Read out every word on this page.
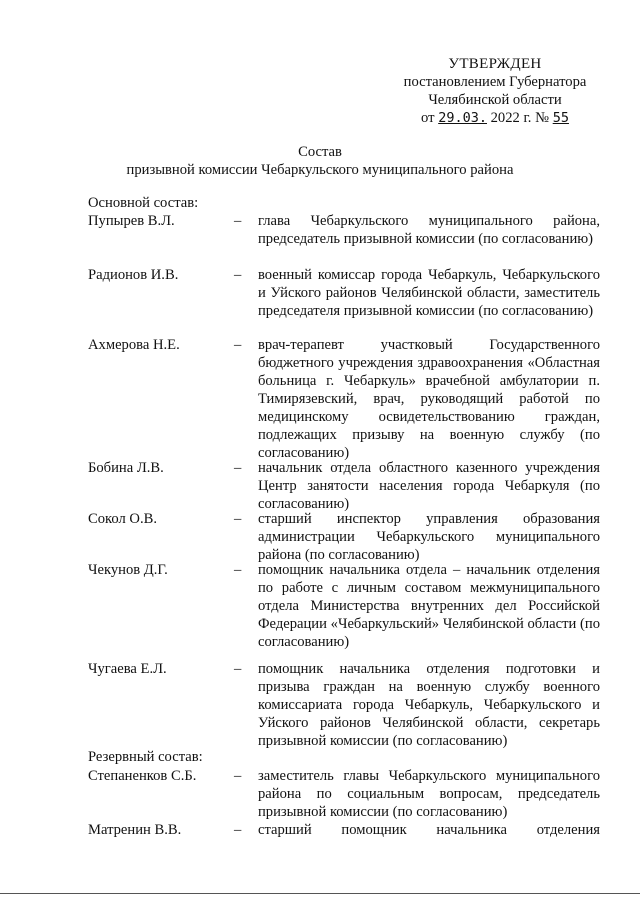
УТВЕРЖДЕН
постановлением Губернатора
Челябинской области
от 29.03. 2022 г. № 55
Состав
призывной комиссии Чебаркульского муниципального района
Основной состав:
Пупырев В.Л.	– глава Чебаркульского муниципального района, председатель призывной комиссии (по согласованию)
Радионов И.В.	– военный комиссар города Чебаркуль, Чебаркульского и Уйского районов Челябинской области, заместитель председателя призывной комиссии (по согласованию)
Ахмерова Н.Е.	– врач-терапевт участковый Государственного бюджетного учреждения здравоохранения «Областная больница г. Чебаркуль» врачебной амбулатории п. Тимирязевский, врач, руководящий работой по медицинскому освидетельствованию граждан, подлежащих призыву на военную службу (по согласованию)
Бобина Л.В.	– начальник отдела областного казенного учреждения Центр занятости населения города Чебаркуля (по согласованию)
Сокол О.В.	– старший инспектор управления образования администрации Чебаркульского муниципального района (по согласованию)
Чекунов Д.Г.	– помощник начальника отдела – начальник отделения по работе с личным составом межмуниципального отдела Министерства внутренних дел Российской Федерации «Чебаркульский» Челябинской области (по согласованию)
Чугаева Е.Л.	– помощник начальника отделения подготовки и призыва граждан на военную службу военного комиссариата города Чебаркуль, Чебаркульского и Уйского районов Челябинской области, секретарь призывной комиссии (по согласованию)
Резервный состав:
Степаненков С.Б.	– заместитель главы Чебаркульского муниципального района по социальным вопросам, председатель призывной комиссии (по согласованию)
Матренин В.В.	– старший помощник начальника отделения
